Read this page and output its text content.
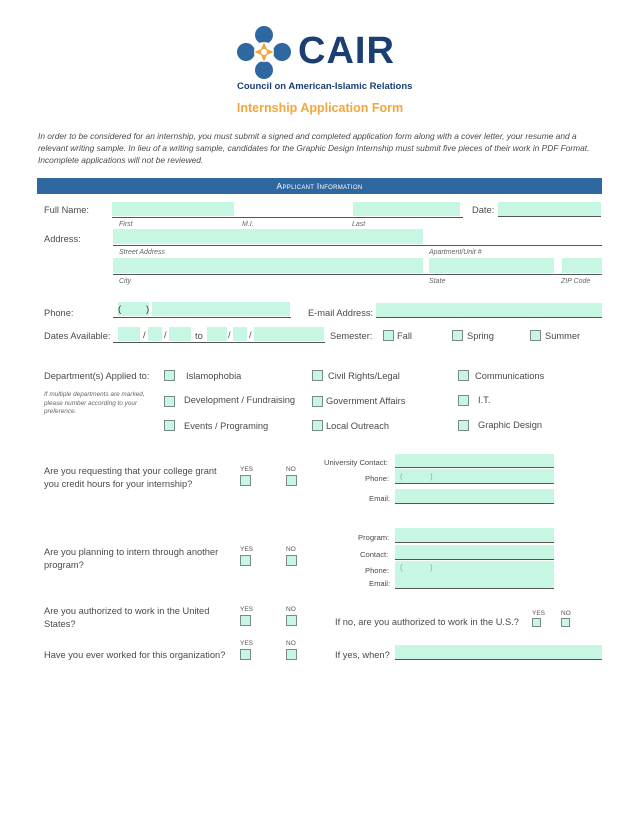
CAIR
Council on American-Islamic Relations
Internship Application Form
In order to be considered for an internship, you must submit a signed and completed application form along with a cover letter, your resume and a relevant writing sample. In lieu of a writing sample, candidates for the Graphic Design Internship must submit five pieces of their work in PDF Format. Incomplete applications will not be reviewed.
Applicant Information
Full Name:	Date:
First	M.I.	Last
Address:
Street Address	Apartment/Unit #
City	State	ZIP Code
Phone:	(	)	E-mail Address:
Dates Available:	/ /	to	/ /	Semester:	Fall	Spring	Summer
Department(s) Applied to:
If multiple departments are marked, please number according to your preference.
Islamophobia	Civil Rights/Legal	Communications
Development / Fundraising	Government Affairs	I.T.
Events / Programing	Local Outreach	Graphic Design
Are you requesting that your college grant you credit hours for your internship?
YES	NO
University Contact:
Phone: (	)
Email:
Are you planning to intern through another program?
YES	NO
Program:
Contact:
Phone: (	)
Email:
Are you authorized to work in the United States?
YES	NO
If no, are you authorized to work in the U.S.?
YES NO
Have you ever worked for this organization?
YES	NO
If yes, when?
